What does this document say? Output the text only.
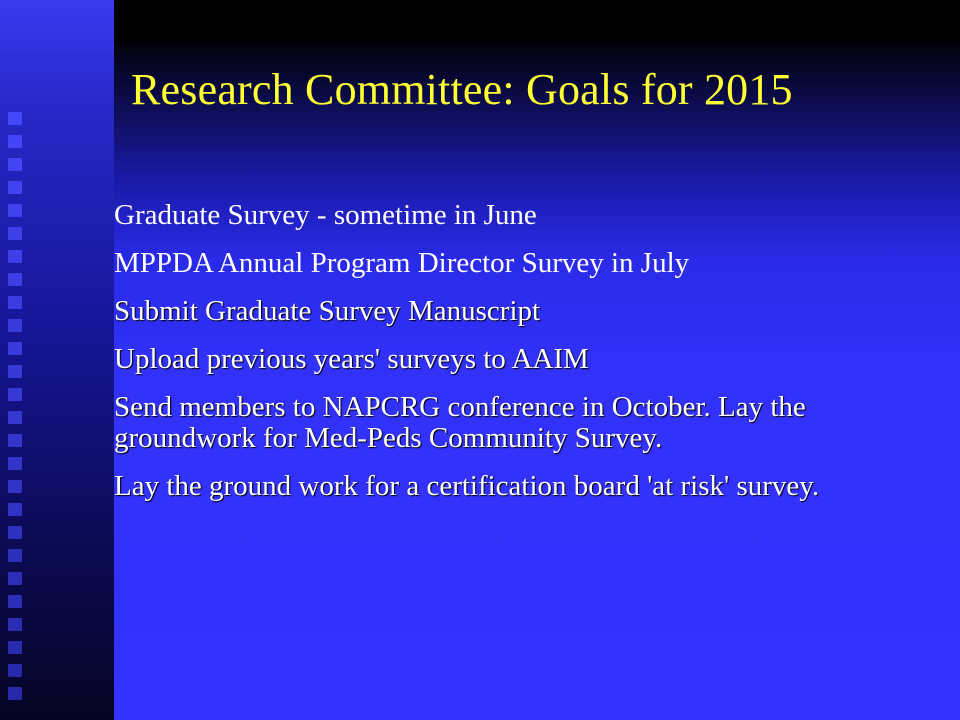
Research Committee: Goals for 2015
Graduate Survey - sometime in June
MPPDA Annual Program Director Survey in July
Submit Graduate Survey Manuscript
Upload previous years' surveys to AAIM
Send members to NAPCRG conference in October. Lay the groundwork for Med-Peds Community Survey.
Lay the ground work for a certification board 'at risk' survey.
